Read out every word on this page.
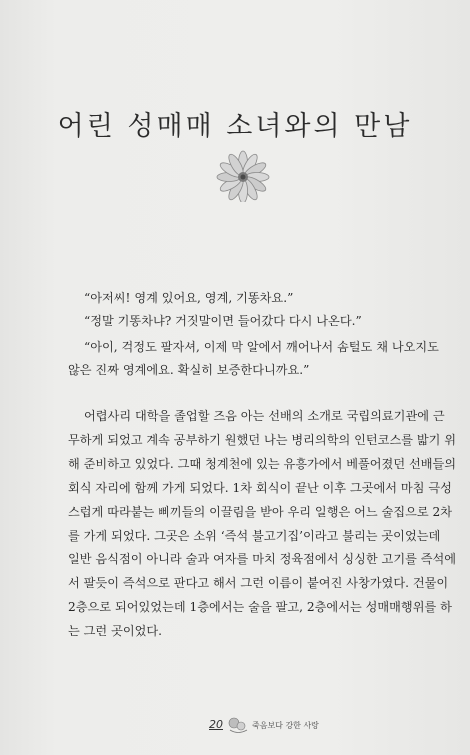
어린 성매매 소녀와의 만남

“아저씨! 영계 있어요, 영계, 기똥차요.”

“정말 기똥차냐? 거짓말이면 들어갔다 다시 나온다.”

“아이, 걱정도 팔자셔, 이제 막 알에서 깨어나서 솜털도 채 나오지도

않은 진짜 영계에요. 확실히 보증한다니까요.”

어렵사리 대학을 졸업할 즈음 아는 선배의 소개로 국립의료기관에 근
무하게 되었고 계속 공부하기 원했던 나는 병리의학의 인턴코스를 밟기 위
해 준비하고 있었다. 그때 청계천에 있는 유흥가에서 베풀어졌던 선배들의
회식 자리에 함께 가게 되었다. 1차 회식이 끝난 이후 그곳에서 마침 극성
스럽게 따라붙는 삐끼들의 이끌림을 받아 우리 일행은 어느 술집으로 2차
를 가게 되었다. 그곳은 소위 ‘즉석 불고기집’이라고 불리는 곳이었는데
일반 음식점이 아니라 술과 여자를 마치 정육점에서 싱싱한 고기를 즉석에
서 팔듯이 즉석으로 판다고 해서 그런 이름이 붙여진 사창가였다. 건물이
2층으로 되어있었는데 1층에서는 술을 팔고, 2층에서는 성매매행위를 하
는 그런 곳이었다.
20	죽음보다 강한 사랑
